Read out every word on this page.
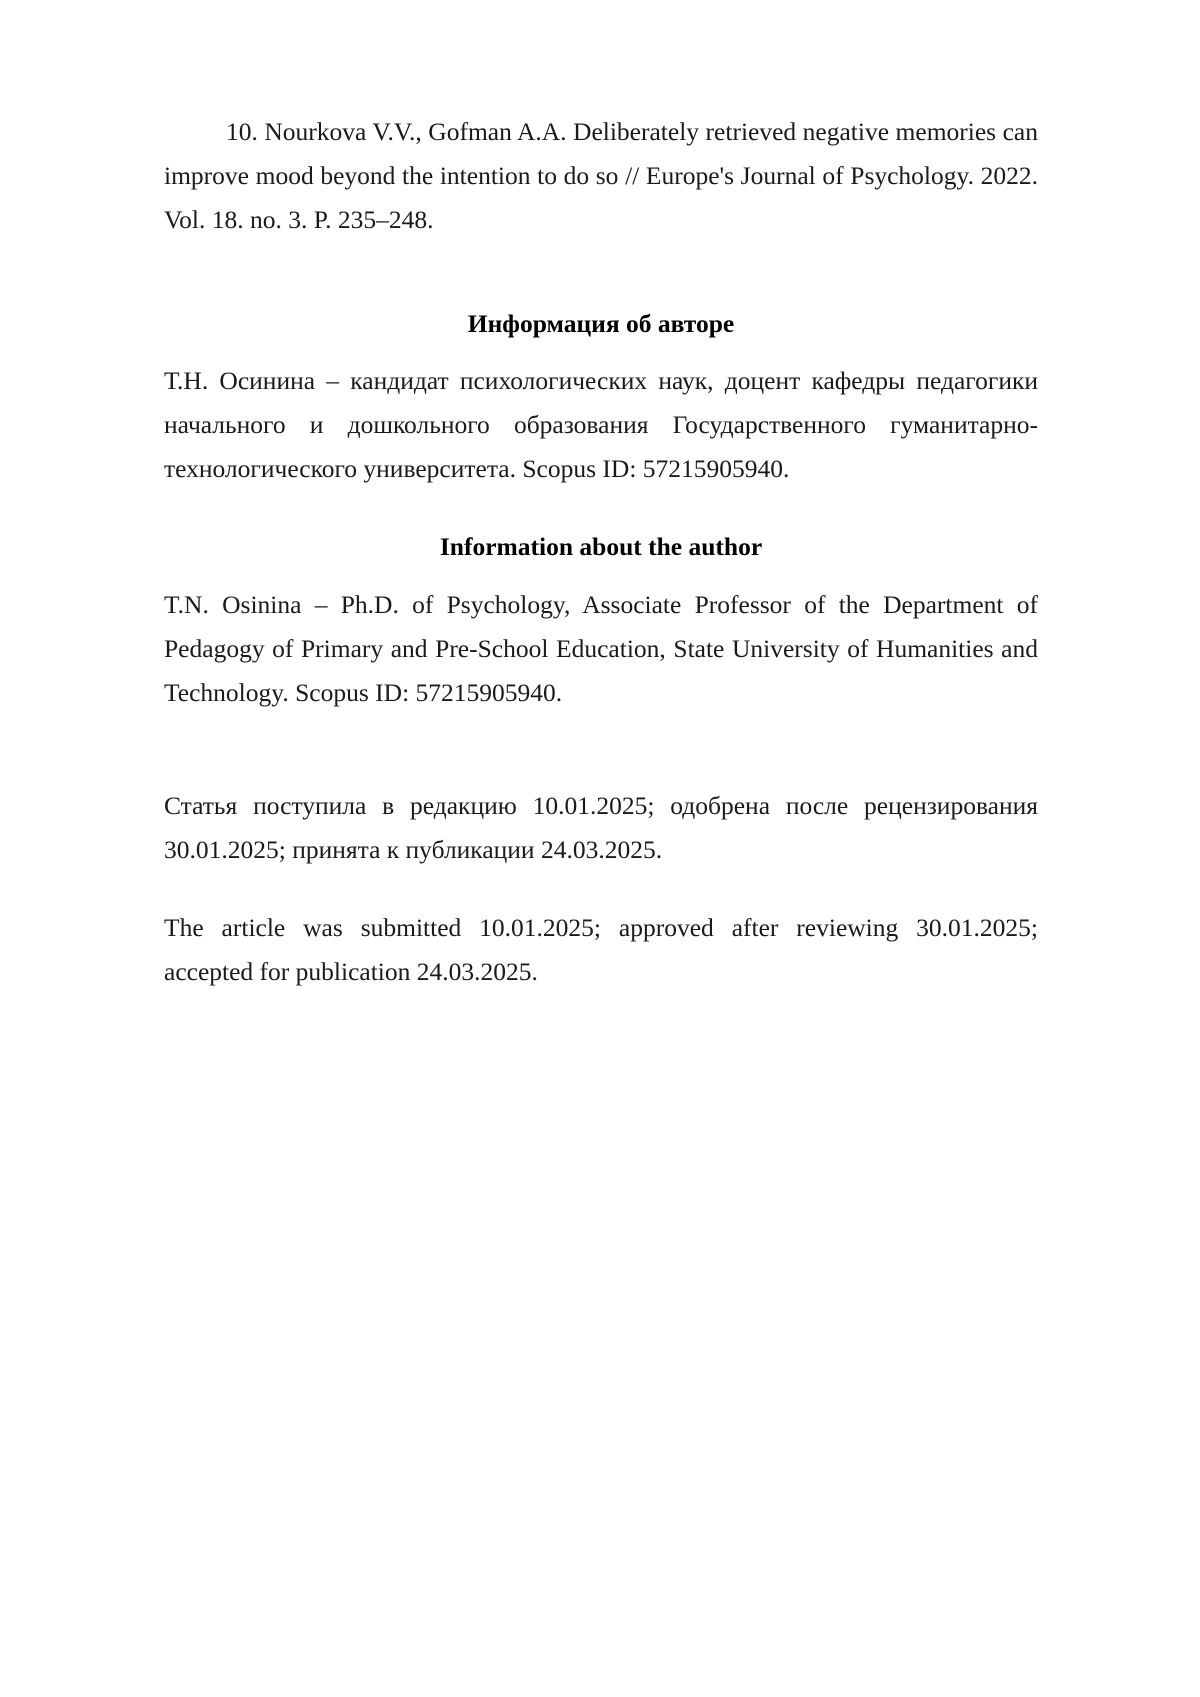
10. Nourkova V.V., Gofman A.A. Deliberately retrieved negative memories can improve mood beyond the intention to do so // Europe's Journal of Psychology. 2022. Vol. 18. no. 3. P. 235–248.

Информация об авторе

Т.Н. Осинина – кандидат психологических наук, доцент кафедры педагогики начального и дошкольного образования Государственного гуманитарно-технологического университета. Scopus ID: 57215905940.

Information about the author

T.N. Osinina – Ph.D. of Psychology, Associate Professor of the Department of Pedagogy of Primary and Pre-School Education, State University of Humanities and Technology. Scopus ID: 57215905940.

Статья поступила в редакцию 10.01.2025; одобрена после рецензирования 30.01.2025; принята к публикации 24.03.2025.

The article was submitted 10.01.2025; approved after reviewing 30.01.2025; accepted for publication 24.03.2025.
